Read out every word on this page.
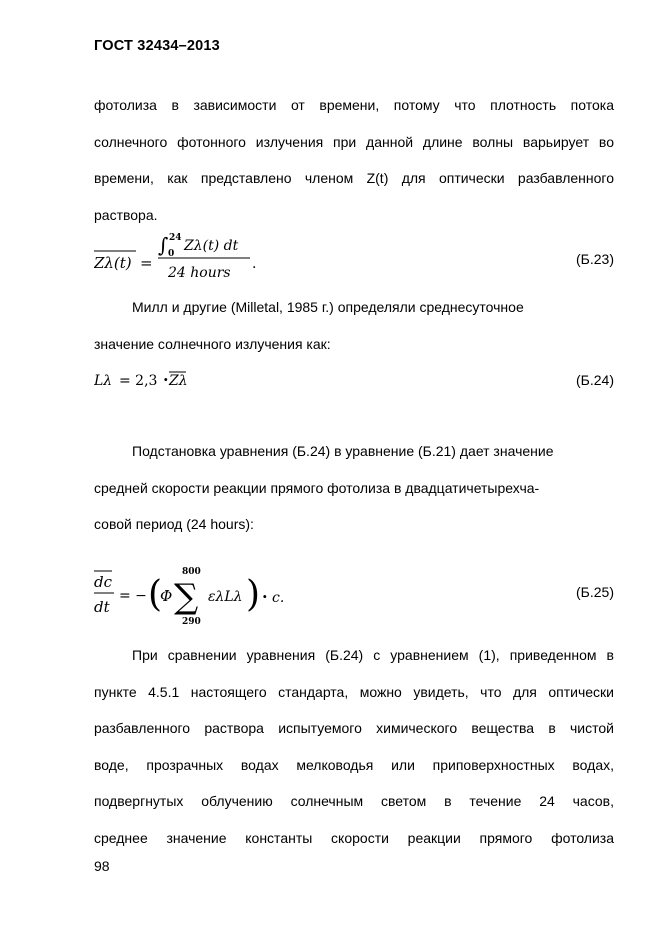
ГОСТ 32434–2013
фотолиза в зависимости от времени, потому что плотность потока
солнечного фотонного излучения при данной длине волны варьирует во
времени, как представлено членом Z(t) для оптически разбавленного
раствора.
Zλ(t) =
∫ 24
0 Zλ(t) dt
24 hours
.	(Б.23)
Милл и другие (Milletal, 1985 г.) определяли среднесуточное
значение солнечного излучения как:
Lλ = 2,3 · Zλ	(Б.24)
Подстановка уравнения (Б.24) в уравнение (Б.21) дает значение
средней скорости реакции прямого фотолиза в двадцатичетырехча-
совой период (24 hours):
dc
dt
= − (
Φ ∑
800
290
ελLλ ) · c.	(Б.25)
При сравнении уравнения (Б.24) с уравнением (1), приведенном в
пункте 4.5.1 настоящего стандарта, можно увидеть, что для оптически
разбавленного раствора испытуемого химического вещества в чистой
воде, прозрачных водах мелководья или приповерхностных водах,
подвергнутых облучению солнечным светом в течение 24 часов,
среднее значение константы скорости реакции прямого фотолиза
98
